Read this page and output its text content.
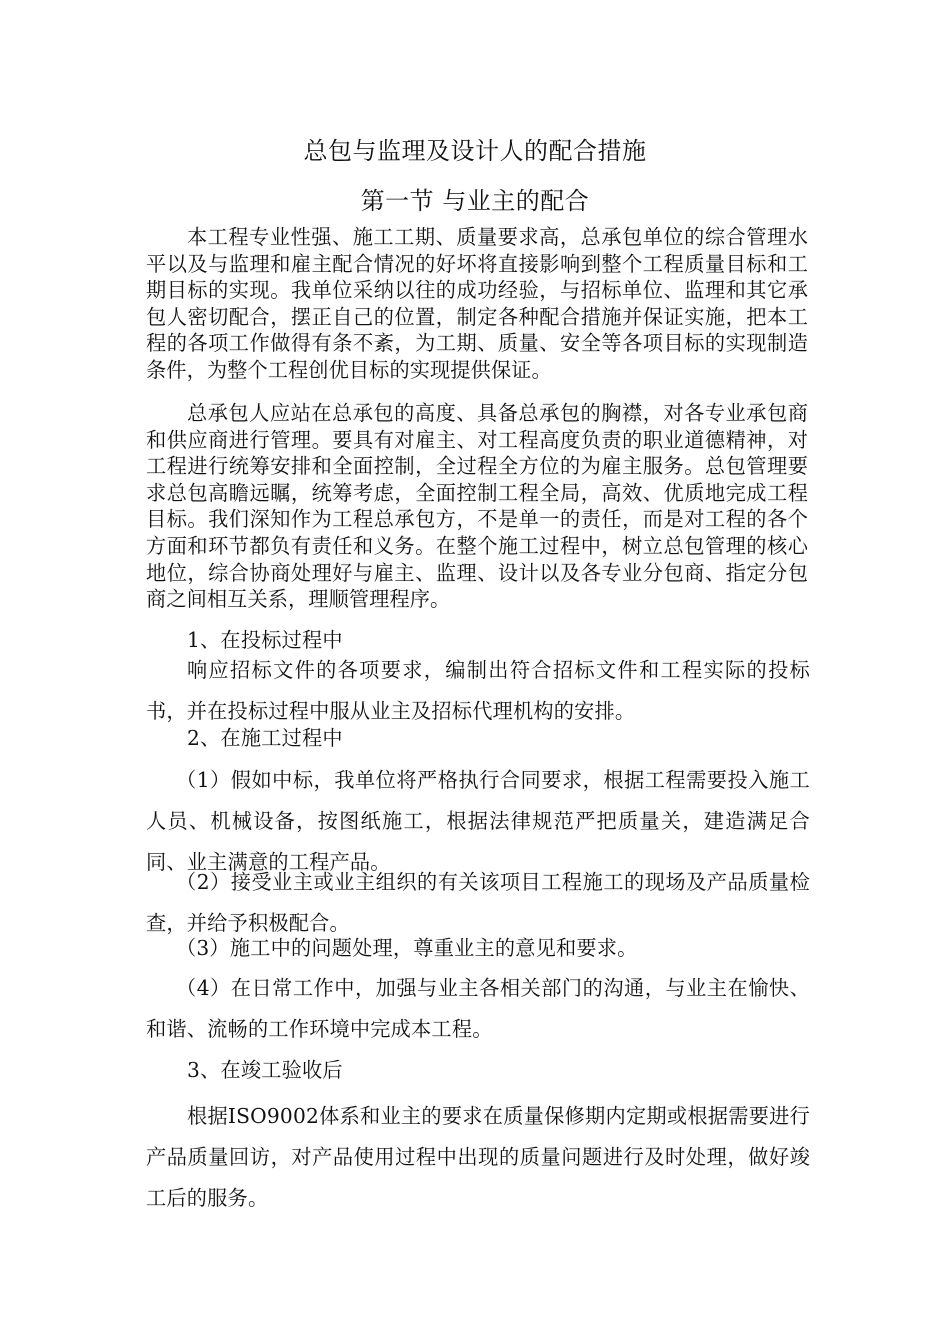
总包与监理及设计人的配合措施
第一节 与业主的配合

本工程专业性强、施工工期、质量要求高，总承包单位的综合管理水平以及与监理和雇主配合情况的好坏将直接影响到整个工程质量目标和工期目标的实现。我单位采纳以往的成功经验，与招标单位、监理和其它承包人密切配合，摆正自己的位置，制定各种配合措施并保证实施，把本工程的各项工作做得有条不紊，为工期、质量、安全等各项目标的实现制造条件，为整个工程创优目标的实现提供保证。

总承包人应站在总承包的高度、具备总承包的胸襟，对各专业承包商和供应商进行管理。要具有对雇主、对工程高度负责的职业道德精神，对工程进行统筹安排和全面控制，全过程全方位的为雇主服务。总包管理要求总包高瞻远瞩，统筹考虑，全面控制工程全局，高效、优质地完成工程目标。我们深知作为工程总承包方，不是单一的责任，而是对工程的各个方面和环节都负有责任和义务。在整个施工过程中，树立总包管理的核心地位，综合协商处理好与雇主、监理、设计以及各专业分包商、指定分包商之间相互关系，理顺管理程序。

1、在投标过程中

响应招标文件的各项要求，编制出符合招标文件和工程实际的投标书，并在投标过程中服从业主及招标代理机构的安排。

2、在施工过程中

（1）假如中标，我单位将严格执行合同要求，根据工程需要投入施工人员、机械设备，按图纸施工，根据法律规范严把质量关，建造满足合同、业主满意的工程产品。

（2）接受业主或业主组织的有关该项目工程施工的现场及产品质量检查，并给予积极配合。

（3）施工中的问题处理，尊重业主的意见和要求。

（4）在日常工作中，加强与业主各相关部门的沟通，与业主在愉快、和谐、流畅的工作环境中完成本工程。

3、在竣工验收后

根据ISO9002体系和业主的要求在质量保修期内定期或根据需要进行产品质量回访，对产品使用过程中出现的质量问题进行及时处理，做好竣工后的服务。
